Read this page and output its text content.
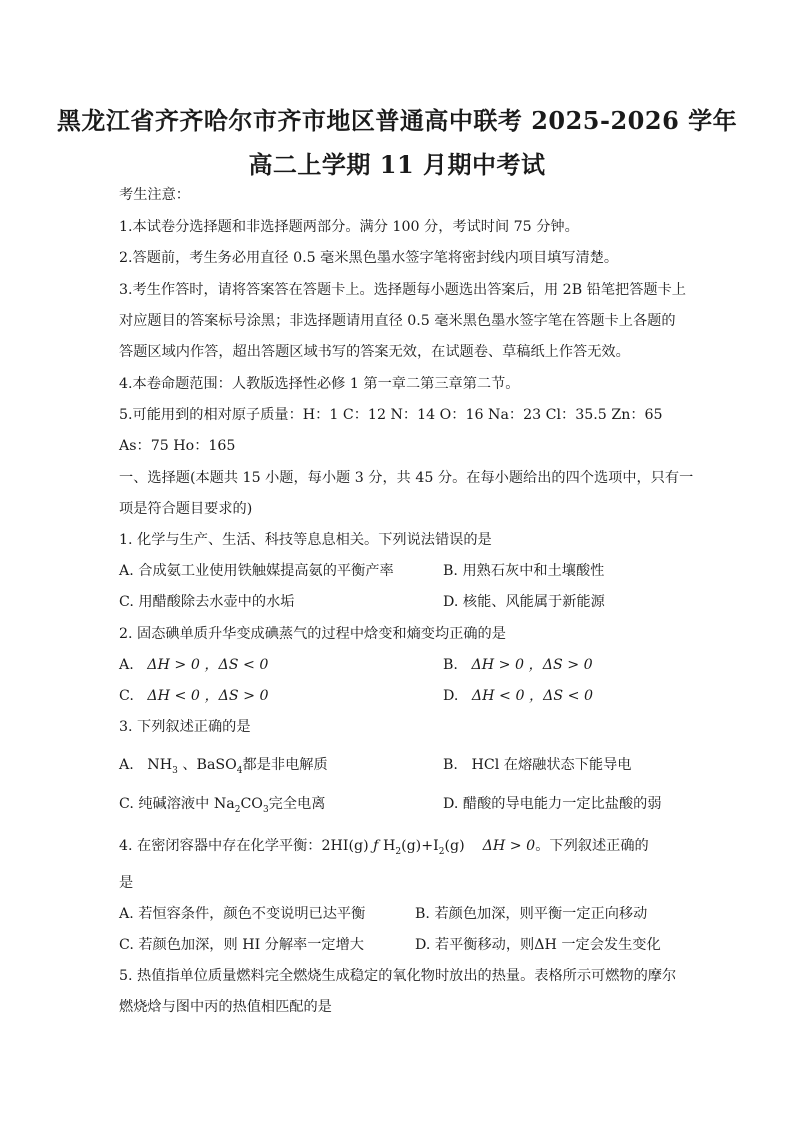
黑龙江省齐齐哈尔市齐市地区普通高中联考 2025-2026 学年
高二上学期 11 月期中考试
考生注意：
1.本试卷分选择题和非选择题两部分。满分 100 分，考试时间 75 分钟。
2.答题前，考生务必用直径 0.5 毫米黑色墨水签字笔将密封线内项目填写清楚。
3.考生作答时，请将答案答在答题卡上。选择题每小题选出答案后，用 2B 铅笔把答题卡上
对应题目的答案标号涂黑；非选择题请用直径 0.5 毫米黑色墨水签字笔在答题卡上各题的
答题区域内作答，超出答题区域书写的答案无效，在试题卷、草稿纸上作答无效。
4.本卷命题范围：人教版选择性必修 1 第一章二第三章第二节。
5.可能用到的相对原子质量：H：1 C：12 N：14 O：16 Na：23 Cl：35.5 Zn：65
As：75 Ho：165
一、选择题(本题共 15 小题，每小题 3 分，共 45 分。在每小题给出的四个选项中，只有一
项是符合题目要求的)
1. 化学与生产、生活、科技等息息相关。下列说法错误的是
A. 合成氨工业使用铁触媒提高氨的平衡产率	B. 用熟石灰中和土壤酸性
C. 用醋酸除去水壶中的水垢	D. 核能、风能属于新能源
2. 固态碘单质升华变成碘蒸气的过程中焓变和熵变均正确的是
A. ΔH > 0 ，ΔS < 0	B. ΔH > 0 ，ΔS > 0
C. ΔH < 0 ，ΔS > 0	D. ΔH < 0 ，ΔS < 0
3. 下列叙述正确的是
A. $NH_3$ 、BaSO$_4$都是非电解质	B. HCl 在熔融状态下能导电
C. 纯碱溶液中 $Na_2CO_3$完全电离	D. 醋酸的导电能力一定比盐酸的弱
4. 在密闭容器中存在化学平衡：2HI(g) ƒ $H_2(g)+I_2(g) \Delta H > 0$。下列叙述正确的
是
A. 若恒容条件，颜色不变说明已达平衡	B. 若颜色加深，则平衡一定正向移动
C. 若颜色加深，则 HI 分解率一定增大	D. 若平衡移动，则ΔH 一定会发生变化
5. 热值指单位质量燃料完全燃烧生成稳定的氧化物时放出的热量。表格所示可燃物的摩尔
燃烧焓与图中丙的热值相匹配的是
